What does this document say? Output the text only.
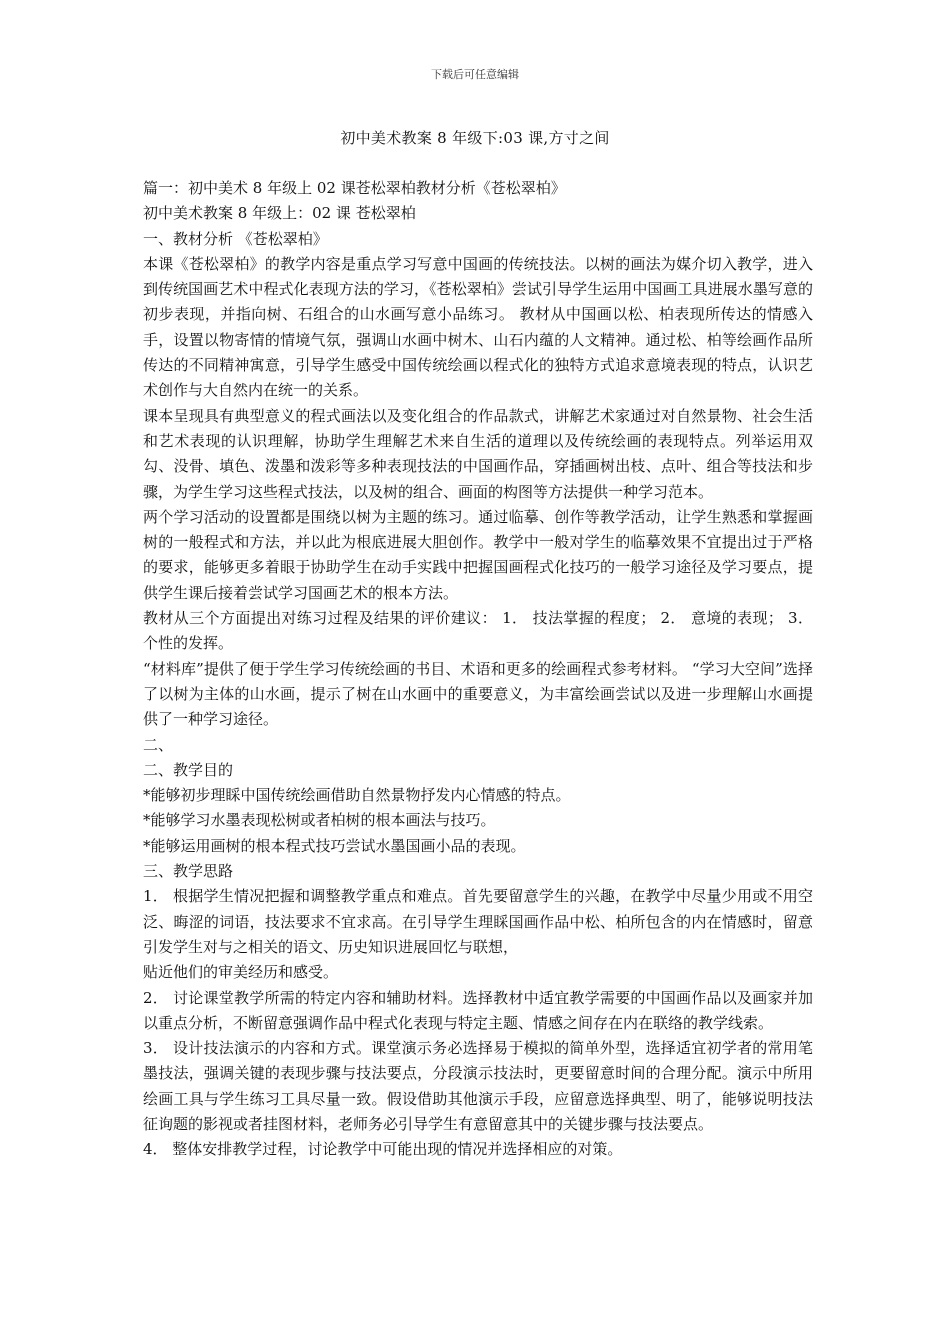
下载后可任意编辑
初中美术教案 8 年级下:03 课,方寸之间

篇一：初中美术 8 年级上 02 课苍松翠柏教材分析《苍松翠柏》

初中美术教案 8 年级上：02 课 苍松翠柏

一、教材分析 《苍松翠柏》

本课《苍松翠柏》的教学内容是重点学习写意中国画的传统技法。以树的画法为媒介切入教学，进入到传统国画艺术中程式化表现方法的学习，《苍松翠柏》尝试引导学生运用中国画工具进展水墨写意的初步表现，并指向树、石组合的山水画写意小品练习。 教材从中国画以松、柏表现所传达的情感入手，设置以物寄情的情境气氛，强调山水画中树木、山石内蕴的人文精神。通过松、柏等绘画作品所传达的不同精神寓意，引导学生感受中国传统绘画以程式化的独特方式追求意境表现的特点，认识艺术创作与大自然内在统一的关系。

课本呈现具有典型意义的程式画法以及变化组合的作品款式，讲解艺术家通过对自然景物、社会生活和艺术表现的认识理解，协助学生理解艺术来自生活的道理以及传统绘画的表现特点。列举运用双勾、没骨、填色、泼墨和泼彩等多种表现技法的中国画作品，穿插画树出枝、点叶、组合等技法和步骤，为学生学习这些程式技法，以及树的组合、画面的构图等方法提供一种学习范本。

两个学习活动的设置都是围绕以树为主题的练习。通过临摹、创作等教学活动，让学生熟悉和掌握画树的一般程式和方法，并以此为根底进展大胆创作。教学中一般对学生的临摹效果不宜提出过于严格的要求，能够更多着眼于协助学生在动手实践中把握国画程式化技巧的一般学习途径及学习要点，提供学生课后接着尝试学习国画艺术的根本方法。

教材从三个方面提出对练习过程及结果的评价建议： 1． 技法掌握的程度； 2． 意境的表现； 3． 个性的发挥。

“材料库”提供了便于学生学习传统绘画的书目、术语和更多的绘画程式参考材料。 “学习大空间”选择了以树为主体的山水画，提示了树在山水画中的重要意义，为丰富绘画尝试以及进一步理解山水画提供了一种学习途径。

二、

二、教学目的

*能够初步理睬中国传统绘画借助自然景物抒发内心情感的特点。

*能够学习水墨表现松树或者柏树的根本画法与技巧。

*能够运用画树的根本程式技巧尝试水墨国画小品的表现。

三、教学思路

1． 根据学生情况把握和调整教学重点和难点。首先要留意学生的兴趣，在教学中尽量少用或不用空泛、晦涩的词语，技法要求不宜求高。在引导学生理睬国画作品中松、柏所包含的内在情感时，留意引发学生对与之相关的语文、历史知识进展回忆与联想，

贴近他们的审美经历和感受。

2． 讨论课堂教学所需的特定内容和辅助材料。选择教材中适宜教学需要的中国画作品以及画家并加以重点分析，不断留意强调作品中程式化表现与特定主题、情感之间存在内在联络的教学线索。

3． 设计技法演示的内容和方式。课堂演示务必选择易于模拟的简单外型，选择适宜初学者的常用笔墨技法，强调关键的表现步骤与技法要点，分段演示技法时，更要留意时间的合理分配。演示中所用绘画工具与学生练习工具尽量一致。假设借助其他演示手段，应留意选择典型、明了，能够说明技法征询题的影视或者挂图材料，老师务必引导学生有意留意其中的关键步骤与技法要点。

4． 整体安排教学过程，讨论教学中可能出现的情况并选择相应的对策。
